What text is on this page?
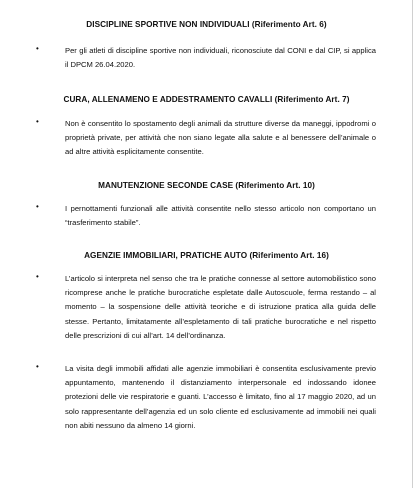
DISCIPLINE SPORTIVE NON INDIVIDUALI (Riferimento Art. 6)
•	Per gli atleti di discipline sportive non individuali, riconosciute dal CONI e dal CIP, si applica il DPCM 26.04.2020.
CURA, ALLENAMENO E ADDESTRAMENTO CAVALLI (Riferimento Art. 7)
•	Non è consentito lo spostamento degli animali da strutture diverse da maneggi, ippodromi o proprietà private, per attività che non siano legate alla salute e al benessere dell’animale o ad altre attività esplicitamente consentite.
MANUTENZIONE SECONDE CASE (Riferimento Art. 10)
•	I pernottamenti funzionali alle attività consentite nello stesso articolo non comportano un “trasferimento stabile”.
AGENZIE IMMOBILIARI, PRATICHE AUTO (Riferimento Art. 16)
•	L’articolo si interpreta nel senso che tra le pratiche connesse al settore automobilistico sono ricomprese anche le pratiche burocratiche espletate dalle Autoscuole, ferma restando – al momento – la sospensione delle attività teoriche e di istruzione pratica alla guida delle stesse. Pertanto, limitatamente all’espletamento di tali pratiche burocratiche e nel rispetto delle prescrizioni di cui all’art. 14 dell’ordinanza.
•	La visita degli immobili affidati alle agenzie immobiliari è consentita esclusivamente previo appuntamento, mantenendo il distanziamento interpersonale ed indossando idonee protezioni delle vie respiratorie e guanti. L’accesso è limitato, fino al 17 maggio 2020, ad un solo rappresentante dell’agenzia ed un solo cliente ed esclusivamente ad immobili nei quali non abiti nessuno da almeno 14 giorni.
